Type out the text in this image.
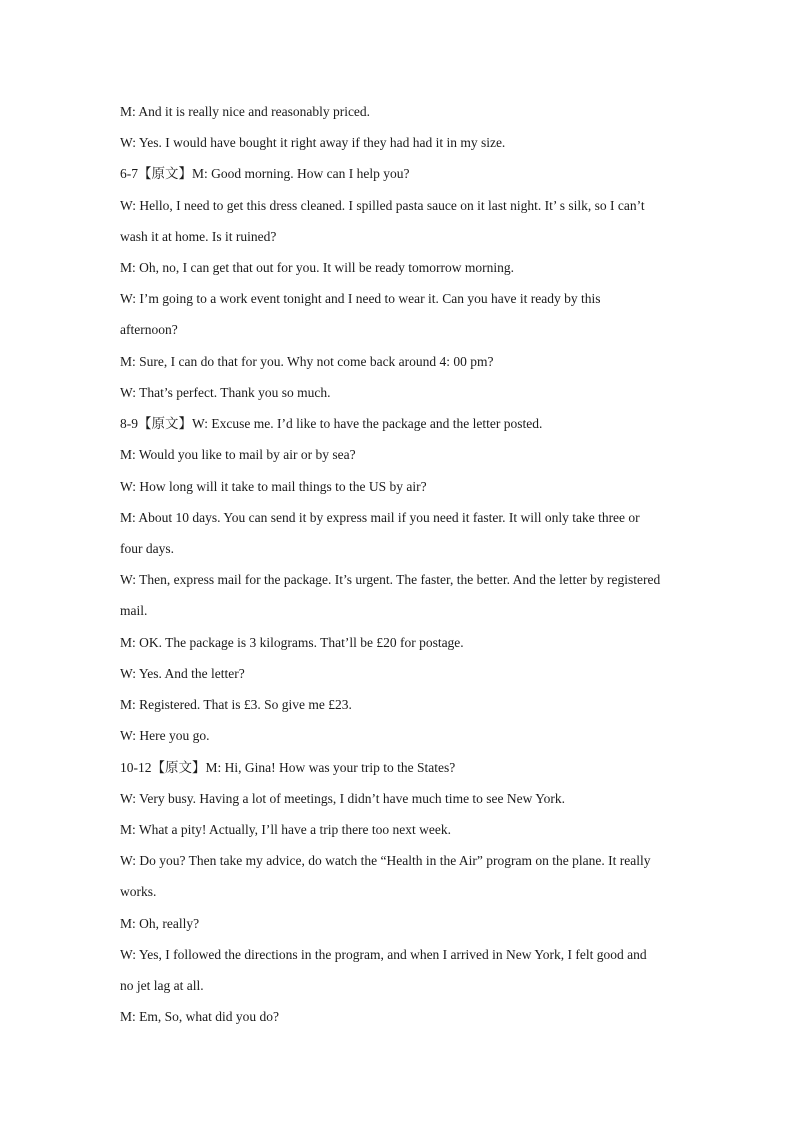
M: And it is really nice and reasonably priced.

W: Yes. I would have bought it right away if they had had it in my size.

6-7【原文】M: Good morning. How can I help you?

W: Hello, I need to get this dress cleaned. I spilled pasta sauce on it last night. It’ s silk, so I can’t

wash it at home. Is it ruined?

M: Oh, no, I can get that out for you. It will be ready tomorrow morning.

W: I’m going to a work event tonight and I need to wear it. Can you have it ready by this

afternoon?

M: Sure, I can do that for you. Why not come back around 4: 00 pm?

W: That’s perfect. Thank you so much.

8-9【原文】W: Excuse me. I’d like to have the package and the letter posted.

M: Would you like to mail by air or by sea?

W: How long will it take to mail things to the US by air?

M: About 10 days. You can send it by express mail if you need it faster. It will only take three or

four days.

W: Then, express mail for the package. It’s urgent. The faster, the better. And the letter by registered

mail.

M: OK. The package is 3 kilograms. That’ll be £20 for postage.

W: Yes. And the letter?

M: Registered. That is £3. So give me £23.

W: Here you go.

10-12【原文】M: Hi, Gina! How was your trip to the States?

W: Very busy. Having a lot of meetings, I didn’t have much time to see New York.

M: What a pity! Actually, I’ll have a trip there too next week.

W: Do you? Then take my advice, do watch the “Health in the Air” program on the plane. It really

works.

M: Oh, really?

W: Yes, I followed the directions in the program, and when I arrived in New York, I felt good and

no jet lag at all.

M: Em, So, what did you do?
